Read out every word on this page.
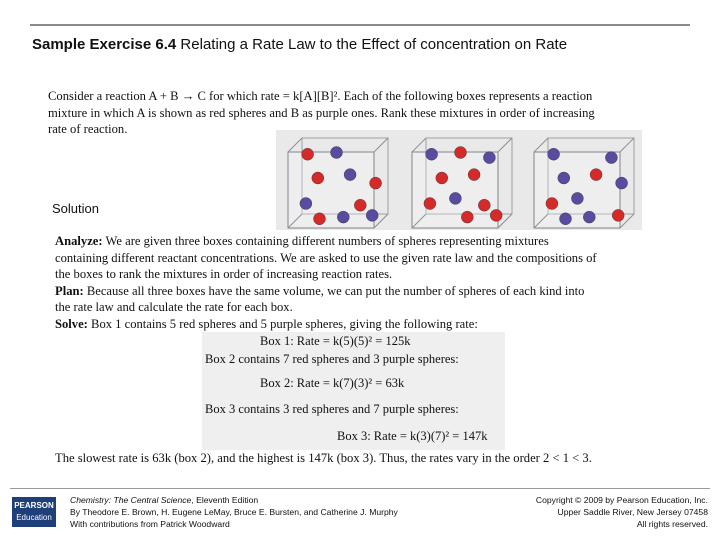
Sample Exercise 6.4 Relating a Rate Law to the Effect of concentration on Rate
Consider a reaction A + B → C for which rate = k[A][B]². Each of the following boxes represents a reaction
mixture in which A is shown as red spheres and B as purple ones. Rank these mixtures in order of increasing
rate of reaction.
Solution
Analyze: We are given three boxes containing different numbers of spheres representing mixtures
containing different reactant concentrations. We are asked to use the given rate law and the compositions of
the boxes to rank the mixtures in order of increasing reaction rates.
Plan: Because all three boxes have the same volume, we can put the number of spheres of each kind into
the rate law and calculate the rate for each box.
Solve: Box 1 contains 5 red spheres and 5 purple spheres, giving the following rate:
Box 1: Rate = k(5)(5)² = 125k
Box 2 contains 7 red spheres and 3 purple spheres:
Box 2: Rate = k(7)(3)² = 63k
Box 3 contains 3 red spheres and 7 purple spheres:
Box 3: Rate = k(3)(7)² = 147k
The slowest rate is 63k (box 2), and the highest is 147k (box 3). Thus, the rates vary in the order 2 < 1 < 3.
PEARSON
Education
Chemistry: The Central Science, Eleventh Edition
By Theodore E. Brown, H. Eugene LeMay, Bruce E. Bursten, and Catherine J. Murphy
With contributions from Patrick Woodward
Copyright © 2009 by Pearson Education, Inc.
Upper Saddle River, New Jersey 07458
All rights reserved.
